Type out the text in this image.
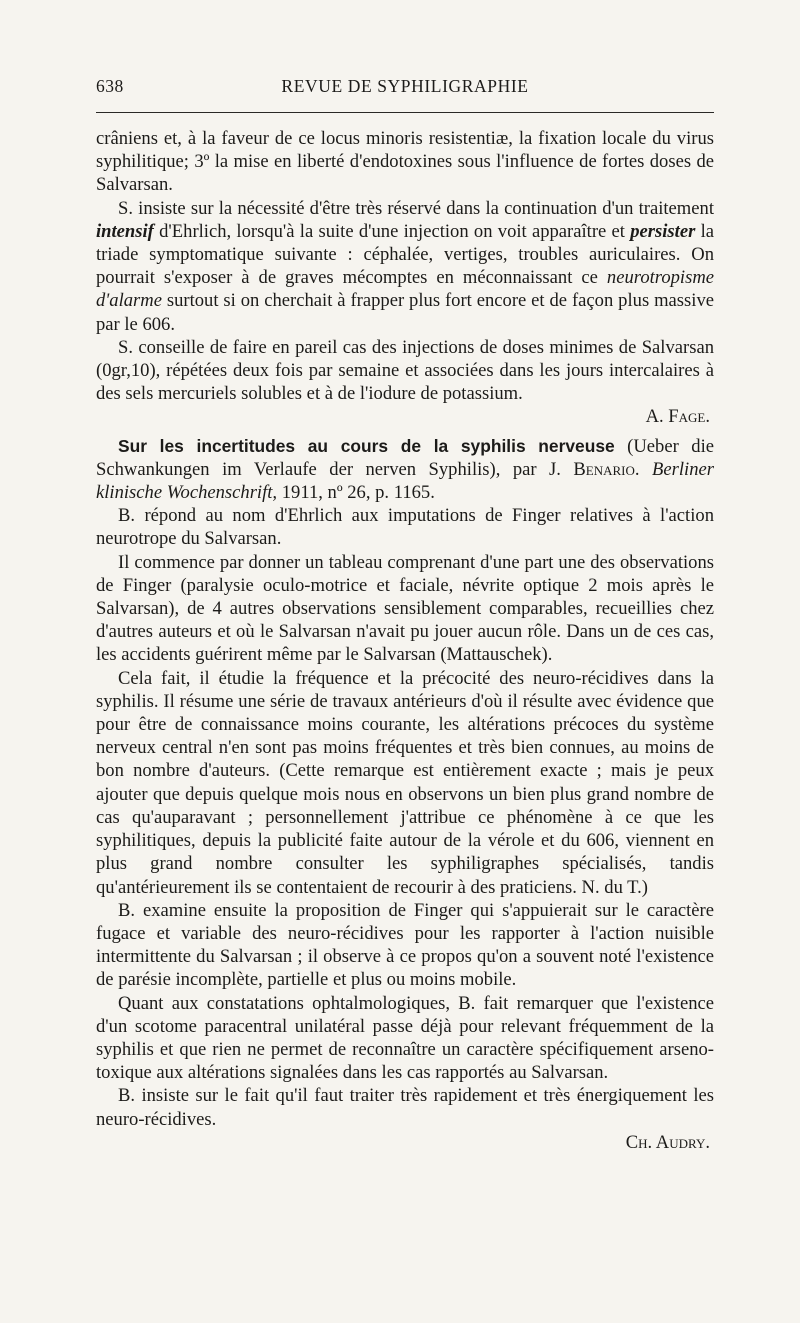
REVUE DE SYPHILIGRAPHIE
638

crâniens et, à la faveur de ce locus minoris resistentiæ, la fixation locale du virus syphilitique; 3º la mise en liberté d'endotoxines sous l'influence de fortes doses de Salvarsan.

S. insiste sur la nécessité d'être très réservé dans la continuation d'un traitement intensif d'Ehrlich, lorsqu'à la suite d'une injection on voit apparaître et persister la triade symptomatique suivante : céphalée, vertiges, troubles auriculaires. On pourrait s'exposer à de graves mécomptes en méconnaissant ce neurotropisme d'alarme surtout si on cherchait à frapper plus fort encore et de façon plus massive par le 606.

S. conseille de faire en pareil cas des injections de doses minimes de Salvarsan (0gr,10), répétées deux fois par semaine et associées dans les jours intercalaires à des sels mercuriels solubles et à de l'iodure de potassium.

A. Fage.

Sur les incertitudes au cours de la syphilis nerveuse (Ueber die Schwankungen im Verlaufe der nerven Syphilis), par J. Benario. Berliner klinische Wochenschrift, 1911, nº 26, p. 1165.

B. répond au nom d'Ehrlich aux imputations de Finger relatives à l'action neurotrope du Salvarsan.

Il commence par donner un tableau comprenant d'une part une des observations de Finger (paralysie oculo-motrice et faciale, névrite optique 2 mois après le Salvarsan), de 4 autres observations sensiblement comparables, recueillies chez d'autres auteurs et où le Salvarsan n'avait pu jouer aucun rôle. Dans un de ces cas, les accidents guérirent même par le Salvarsan (Mattauschek).

Cela fait, il étudie la fréquence et la précocité des neuro-récidives dans la syphilis. Il résume une série de travaux antérieurs d'où il résulte avec évidence que pour être de connaissance moins courante, les altérations précoces du système nerveux central n'en sont pas moins fréquentes et très bien connues, au moins de bon nombre d'auteurs. (Cette remarque est entièrement exacte ; mais je peux ajouter que depuis quelque mois nous en observons un bien plus grand nombre de cas qu'auparavant ; personnellement j'attribue ce phénomène à ce que les syphilitiques, depuis la publicité faite autour de la vérole et du 606, viennent en plus grand nombre consulter les syphiligraphes spécialisés, tandis qu'antérieurement ils se contentaient de recourir à des praticiens. N. du T.)

B. examine ensuite la proposition de Finger qui s'appuierait sur le caractère fugace et variable des neuro-récidives pour les rapporter à l'action nuisible intermittente du Salvarsan ; il observe à ce propos qu'on a souvent noté l'existence de parésie incomplète, partielle et plus ou moins mobile.

Quant aux constatations ophtalmologiques, B. fait remarquer que l'existence d'un scotome paracentral unilatéral passe déjà pour relevant fréquemment de la syphilis et que rien ne permet de reconnaître un caractère spécifiquement arseno-toxique aux altérations signalées dans les cas rapportés au Salvarsan.

B. insiste sur le fait qu'il faut traiter très rapidement et très énergiquement les neuro-récidives.

Ch. Audry.
